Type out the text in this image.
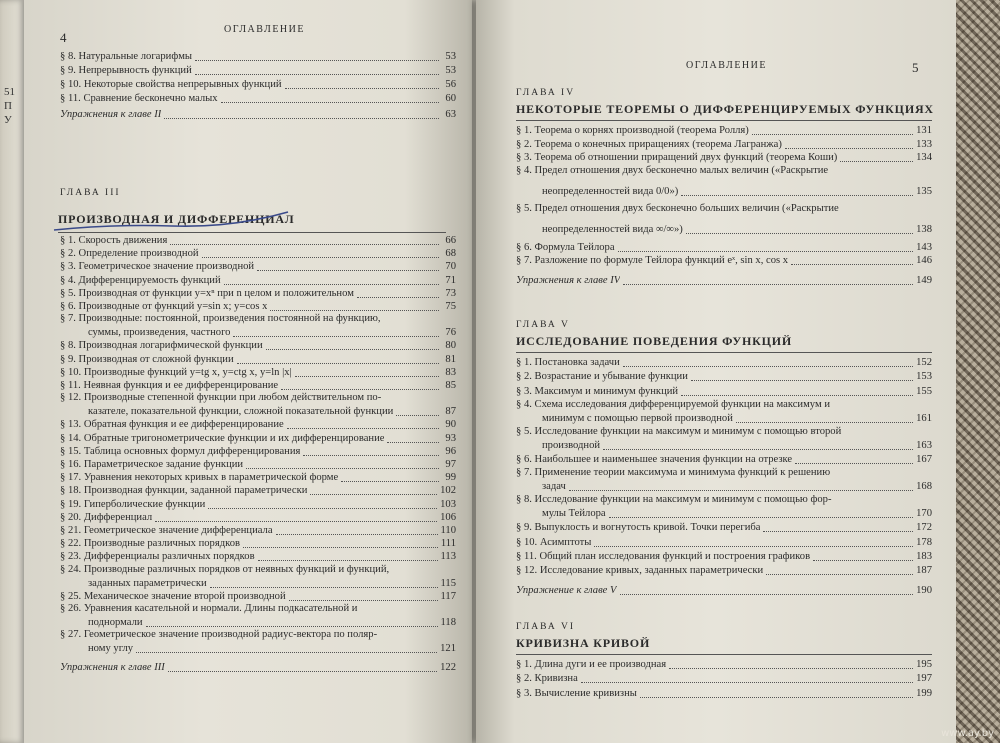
51
П
У
ОГЛАВЛЕНИЕ
4
ГЛАВА III
ПРОИЗВОДНАЯ И ДИФФЕРЕНЦИАЛ
§ 8. Натуральные логарифмы	53
§ 9. Непрерывность функций	53
§ 10. Некоторые свойства непрерывных функций	56
§ 11. Сравнение бесконечно малых	60
Упражнения к главе II	63
§ 1. Скорость движения	66
§ 2. Определение производной	68
§ 3. Геометрическое значение производной	70
§ 4. Дифференцируемость функций	71
§ 5. Производная от функции y=xⁿ при n целом и положительном	73
§ 6. Производные от функций y=sin x; y=cos x	75
§ 7. Производные: постоянной, произведения постоянной на функцию,
суммы, произведения, частного	76
§ 8. Производная логарифмической функции	80
§ 9. Производная от сложной функции	81
§ 10. Производные функций y=tg x, y=ctg x, y=ln |x|	83
§ 11. Неявная функция и ее дифференцирование	85
§ 12. Производные степенной функции при любом действительном по-
казателе, показательной функции, сложной показательной функции	87
§ 13. Обратная функция и ее дифференцирование	90
§ 14. Обратные тригонометрические функции и их дифференцирование	93
§ 15. Таблица основных формул дифференцирования	96
§ 16. Параметрическое задание функции	97
§ 17. Уравнения некоторых кривых в параметрической форме	99
§ 18. Производная функции, заданной параметрически	102
§ 19. Гиперболические функции	103
§ 20. Дифференциал	106
§ 21. Геометрическое значение дифференциала	110
§ 22. Производные различных порядков	111
§ 23. Дифференциалы различных порядков	113
§ 24. Производные различных порядков от неявных функций и функций,
заданных параметрически	115
§ 25. Механическое значение второй производной	117
§ 26. Уравнения касательной и нормали. Длины подкасательной и
поднормали	118
§ 27. Геометрическое значение производной радиус-вектора по поляр-
ному углу	121
Упражнения к главе III	122
ОГЛАВЛЕНИЕ	5
ГЛАВА IV
НЕКОТОРЫЕ ТЕОРЕМЫ О ДИФФЕРЕНЦИРУЕМЫХ ФУНКЦИЯХ
§ 1. Теорема о корнях производной (теорема Ролля)	131
§ 2. Теорема о конечных приращениях (теорема Лагранжа)	133
§ 3. Теорема об отношении приращений двух функций (теорема Коши)	134
§ 4. Предел отношения двух бесконечно малых величин («Раскрытие
неопределенностей вида 0/0»)	135
§ 5. Предел отношения двух бесконечно больших величин («Раскрытие
неопределенностей вида ∞/∞»)	138
§ 6. Формула Тейлора	143
§ 7. Разложение по формуле Тейлора функций eˣ, sin x, cos x	146
Упражнения к главе IV	149
ГЛАВА V
ИССЛЕДОВАНИЕ ПОВЕДЕНИЯ ФУНКЦИЙ
§ 1. Постановка задачи	152
§ 2. Возрастание и убывание функции	153
§ 3. Максимум и минимум функций	155
§ 4. Схема исследования дифференцируемой функции на максимум и
минимум с помощью первой производной	161
§ 5. Исследование функции на максимум и минимум с помощью второй
производной	163
§ 6. Наибольшее и наименьшее значения функции на отрезке	167
§ 7. Применение теории максимума и минимума функций к решению
задач	168
§ 8. Исследование функции на максимум и минимум с помощью фор-
мулы Тейлора	170
§ 9. Выпуклость и вогнутость кривой. Точки перегиба	172
§ 10. Асимптоты	178
§ 11. Общий план исследования функций и построения графиков	183
§ 12. Исследование кривых, заданных параметрически	187
Упражнение к главе V	190
ГЛАВА VI
КРИВИЗНА КРИВОЙ
§ 1. Длина дуги и ее производная	195
§ 2. Кривизна	197
§ 3. Вычисление кривизны	199
www.ay.by
